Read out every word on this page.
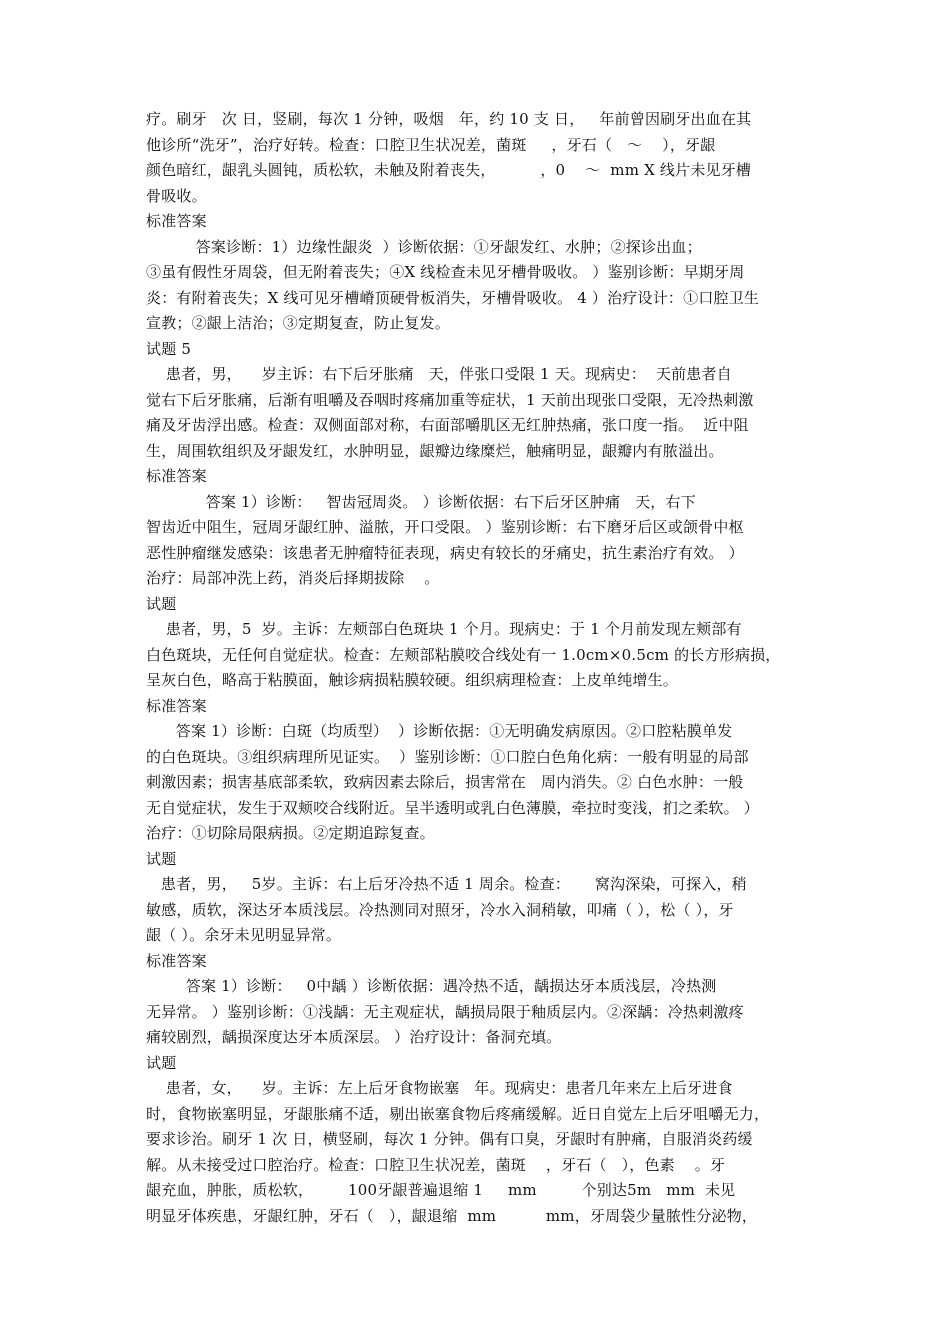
疗。刷牙   次 日，竖刷，每次 1 分钟，吸烟   年，约 10 支 日，   年前曾因刷牙出血在其
他诊所“洗牙”，治疗好转。检查：口腔卫生状况差，菌斑     ，牙石（   ～    ），牙龈
颜色暗红，龈乳头圆钝，质松软，未触及附着丧失，         ，0    ～  mm X 线片未见牙槽
骨吸收。
标准答案
答案诊断：1）边缘性龈炎  ）诊断依据：①牙龈发红、水肿；②探诊出血；
③虽有假性牙周袋，但无附着丧失；④X 线检查未见牙槽骨吸收。 ）鉴别诊断：早期牙周
炎：有附着丧失；X 线可见牙槽嵴顶硬骨板消失，牙槽骨吸收。 4 ）治疗设计：①口腔卫生
宣教；②龈上洁治；③定期复查，防止复发。
试题 5
患者，男，    岁主诉：右下后牙胀痛   天，伴张口受限 1 天。现病史：  天前患者自
觉右下后牙胀痛，后渐有咀嚼及吞咽时疼痛加重等症状，1 天前出现张口受限，无冷热刺激
痛及牙齿浮出感。检查：双侧面部对称，右面部嚼肌区无红肿热痛，张口度一指。  近中阻
生，周围软组织及牙龈发红，水肿明显，龈瓣边缘糜烂，触痛明显，龈瓣内有脓溢出。
标准答案
答案 1）诊断：   智齿冠周炎。 ）诊断依据：右下后牙区肿痛   天，右下
智齿近中阻生，冠周牙龈红肿、溢脓，开口受限。 ）鉴别诊断：右下磨牙后区或颌骨中枢
恶性肿瘤继发感染：该患者无肿瘤特征表现，病史有较长的牙痛史，抗生素治疗有效。 ）
治疗：局部冲洗上药，消炎后择期拔除    。
试题
患者，男，5  岁。主诉：左颊部白色斑块 1 个月。现病史：于 1 个月前发现左颊部有
白色斑块，无任何自觉症状。检查：左颊部粘膜咬合线处有一 1.0cm×0.5cm 的长方形病损，
呈灰白色，略高于粘膜面，触诊病损粘膜较硬。组织病理检查：上皮单纯增生。
标准答案
答案 1）诊断：白斑（均质型）  ）诊断依据：①无明确发病原因。②口腔粘膜单发
的白色斑块。③组织病理所见证实。  ）鉴别诊断：①口腔白色角化病：一般有明显的局部
刺激因素；损害基底部柔软，致病因素去除后，损害常在   周内消失。② 白色水肿：一般
无自觉症状，发生于双颊咬合线附近。呈半透明或乳白色薄膜，牵拉时变浅，扪之柔软。 ）
治疗：①切除局限病损。②定期追踪复查。
试题
患者，男，   5岁。主诉：右上后牙冷热不适 1 周余。检查：     窝沟深染，可探入，稍
敏感，质软，深达牙本质浅层。冷热测同对照牙，冷水入洞稍敏，叩痛（ ），松（ ），牙
龈（ ）。余牙未见明显异常。
标准答案
答案 1）诊断：   0中龋 ）诊断依据：遇冷热不适，龋损达牙本质浅层，冷热测
无异常。 ）鉴别诊断：①浅龋：无主观症状，龋损局限于釉质层内。②深龋：冷热刺激疼
痛较剧烈，龋损深度达牙本质深层。 ）治疗设计：备洞充填。
试题
患者，女，    岁。主诉：左上后牙食物嵌塞   年。现病史：患者几年来左上后牙进食
时，食物嵌塞明显，牙龈胀痛不适，剔出嵌塞食物后疼痛缓解。近日自觉左上后牙咀嚼无力，
要求诊治。刷牙 1 次 日，横竖刷，每次 1 分钟。偶有口臭，牙龈时有肿痛，自服消炎药缓
解。从未接受过口腔治疗。检查：口腔卫生状况差，菌斑    ，牙石（   ），色素    。牙
龈充血，肿胀，质松软，       100牙龈普遍退缩 1     mm         个别达5m   mm  未见
明显牙体疾患，牙龈红肿，牙石（   ），龈退缩  mm          mm，牙周袋少量脓性分泌物，
